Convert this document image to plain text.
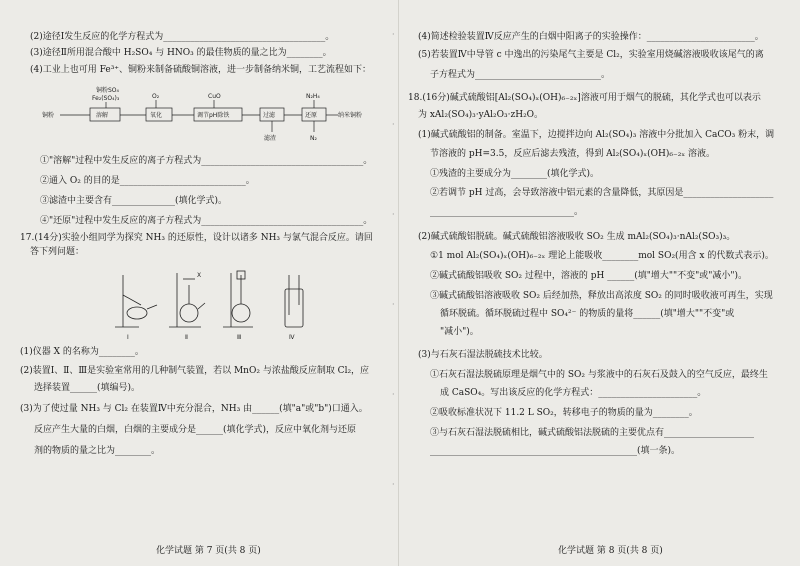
(2)途径Ⅰ发生反应的化学方程式为____________________________________。
(3)途径Ⅱ所用混合酸中 H₂SO₄ 与 HNO₃ 的最佳物质的量之比为________。
(4)工业上也可用 Fe³⁺、铜粉来制备硫酸铜溶液，进一步制备纳米铜，工艺流程如下：
铜粉SO₄
Fe₂(SO₄)₃
铜粉	溶解
O₂
氧化
CuO
调节pH除铁	过滤
滤渣
N₂H₄
还原
N₂
纳米铜粉
①"溶解"过程中发生反应的离子方程式为____________________________________。
②通入 O₂ 的目的是____________________________。
③滤渣中主要含有______________(填化学式)。
④"还原"过程中发生反应的离子方程式为____________________________________。
17.(14分)实验小组同学为探究 NH₃ 的还原性，设计以诸多 NH₃ 与氯气混合反应。请回
答下列问题：
X
Ⅰ	Ⅱ	Ⅲ	Ⅳ
(1)仪器 X 的名称为________。
(2)装置Ⅰ、Ⅱ、Ⅲ是实验室常用的几种制气装置，若以 MnO₂ 与浓盐酸反应制取 Cl₂，应
选择装置______(填编号)。
(3)为了使过量 NH₃ 与 Cl₂ 在装置Ⅳ中充分混合，NH₃ 由______(填"a"或"b")口通入。
反应产生大量的白烟，白烟的主要成分是______(填化学式)，反应中氧化剂与还原
剂的物质的量之比为________。
化学试题 第 7 页(共 8 页)
(4)简述检验装置Ⅳ反应产生的白烟中阳离子的实验操作：________________________。
(5)若装置Ⅳ中导管 c 中逸出的污染尾气主要是 Cl₂，实验室用烧碱溶液吸收该尾气的离
子方程式为____________________________。
18.(16分)碱式硫酸铝[Al₂(SO₄)ₓ(OH)₆₋₂ₓ]溶液可用于烟气的脱硫，其化学式也可以表示
为 xAl₂(SO₄)₃·yAl₂O₃·zH₂O。
(1)碱式硫酸铝的制备。室温下，边搅拌边向 Al₂(SO₄)₃ 溶液中分批加入 CaCO₃ 粉末，调
节溶液的 pH=3.5，反应后滤去残渣，得到 Al₂(SO₄)ₓ(OH)₆₋₂ₓ 溶液。
①残渣的主要成分为________(填化学式)。
②若调节 pH 过高，会导致溶液中铝元素的含量降低，其原因是____________________
________________________________。
(2)碱式硫酸铝脱硫。碱式硫酸铝溶液吸收 SO₂ 生成 mAl₂(SO₄)₃·nAl₂(SO₃)₃。
①1 mol Al₂(SO₄)ₓ(OH)₆₋₂ₓ 理论上能吸收________mol SO₂(用含 x 的代数式表示)。
②碱式硫酸铝吸收 SO₂ 过程中，溶液的 pH ______(填"增大""不变"或"减小")。
③碱式硫酸铝溶液吸收 SO₂ 后经加热，释放出高浓度 SO₂ 的同时吸收液可再生，实现
循环脱硫。循环脱硫过程中 SO₄²⁻ 的物质的量将______(填"增大""不变"或
"减小")。
(3)与石灰石湿法脱硫技术比较。
①石灰石湿法脱硫原理是烟气中的 SO₂ 与浆液中的石灰石及鼓入的空气反应，最终生
成 CaSO₄。写出该反应的化学方程式：______________________。
②吸收标准状况下 11.2 L SO₂，转移电子的物质的量为________。
③与石灰石湿法脱硫相比，碱式硫酸铝法脱硫的主要优点有____________________
______________________________________________(填一条)。
化学试题 第 8 页(共 8 页)
·
·
·
·
·
·
